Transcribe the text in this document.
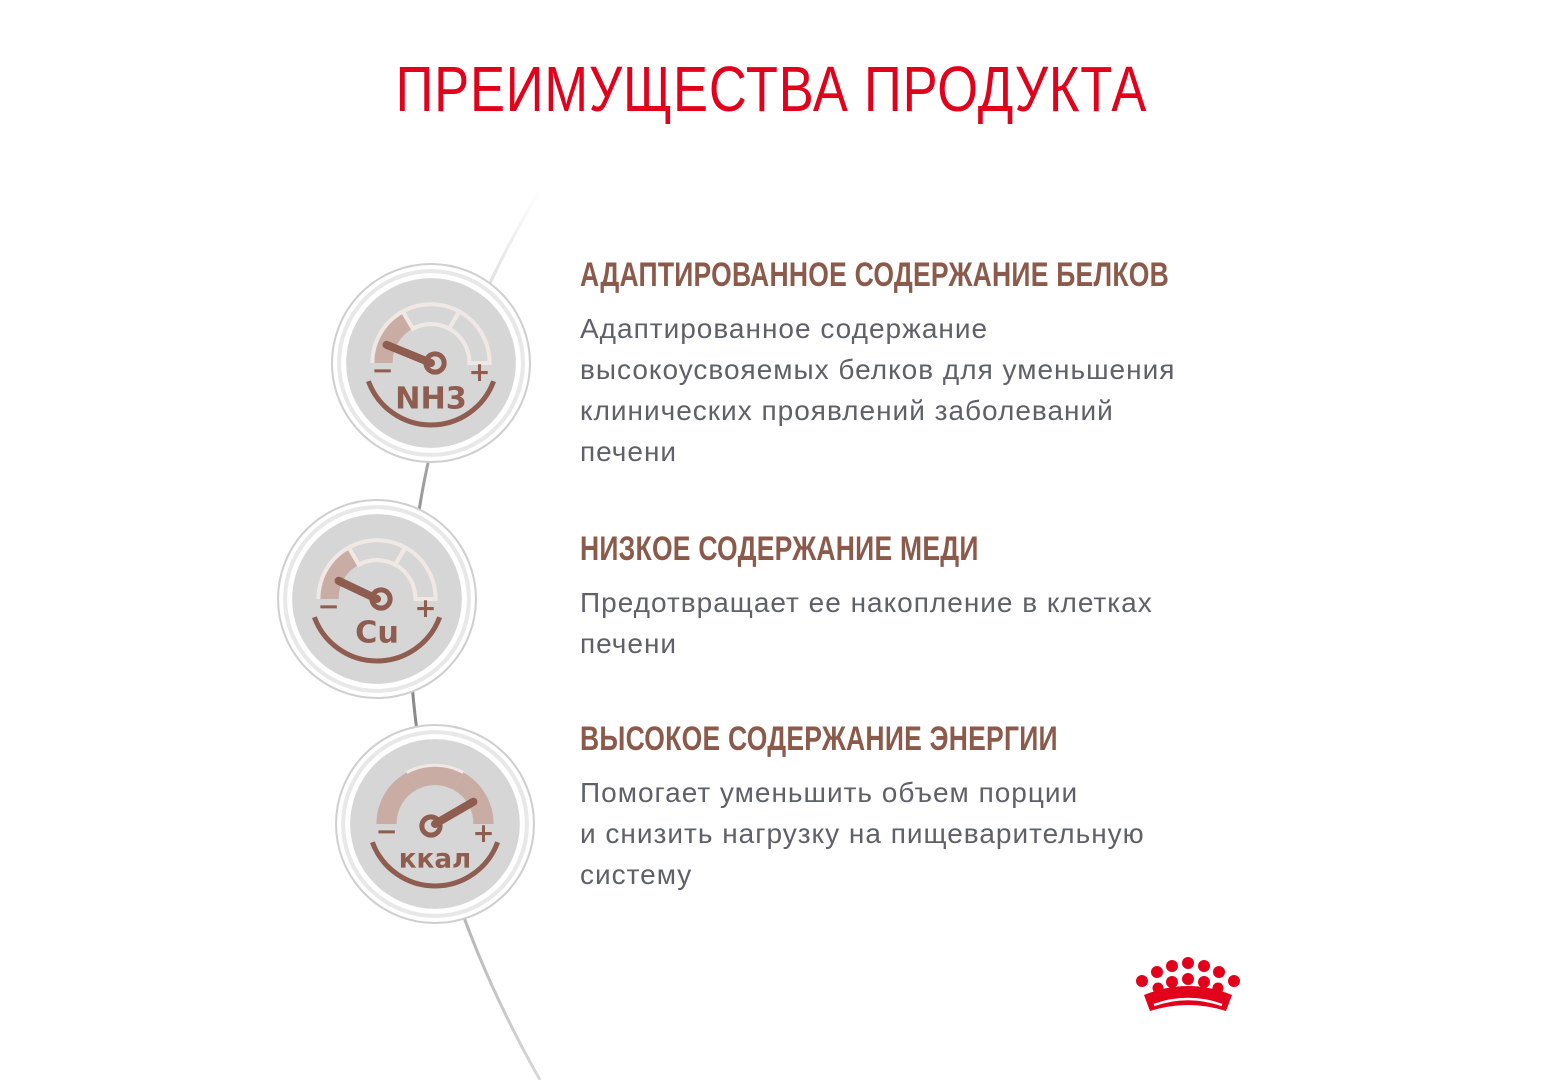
ПРЕИМУЩЕСТВА ПРОДУКТА
−	+
NH3
−	+
Cu
−	+
ккал
АДАПТИРОВАННОЕ СОДЕРЖАНИЕ БЕЛКОВ
Адаптированное содержание
высокоусвояемых белков для уменьшения
клинических проявлений заболеваний
печени
НИЗКОЕ СОДЕРЖАНИЕ МЕДИ
Предотвращает ее накопление в клетках
печени
ВЫСОКОЕ СОДЕРЖАНИЕ ЭНЕРГИИ
Помогает уменьшить объем порции
и снизить нагрузку на пищеварительную
систему
